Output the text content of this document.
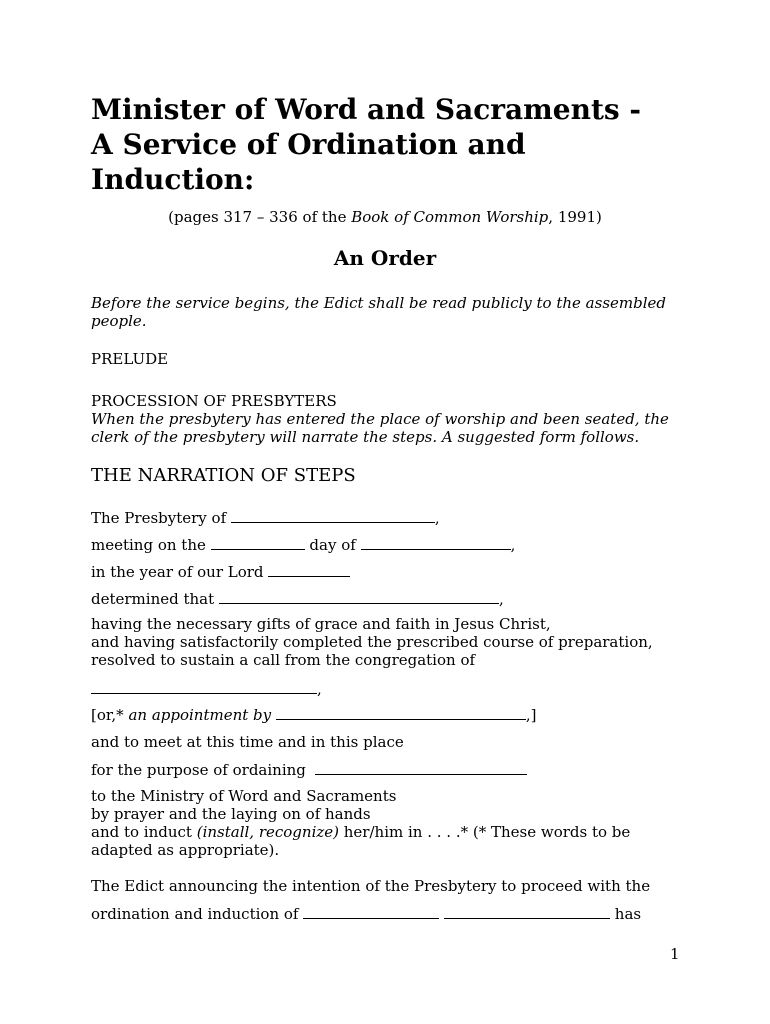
Minister of Word and Sacraments -
A Service of Ordination and
Induction:
(pages 317 – 336 of the Book of Common Worship, 1991)
An Order
Before the service begins, the Edict shall be read publicly to the assembled
people.
PRELUDE
PROCESSION OF PRESBYTERS
When the presbytery has entered the place of worship and been seated, the
clerk of the presbytery will narrate the steps. A suggested form follows.
THE NARRATION OF STEPS
The Presbytery of	,
meeting on the	day of	,
in the year of our Lord
determined that	,
having the necessary gifts of grace and faith in Jesus Christ,
and having satisfactorily completed the prescribed course of preparation,
resolved to sustain a call from the congregation of
,
[or,* an appointment by	,]
and to meet at this time and in this place
for the purpose of ordaining
to the Ministry of Word and Sacraments
by prayer and the laying on of hands
and to induct (install, recognize) her/him in . . . .* (* These words to be
adapted as appropriate).
The Edict announcing the intention of the Presbytery to proceed with the
ordination and induction of	has
1
